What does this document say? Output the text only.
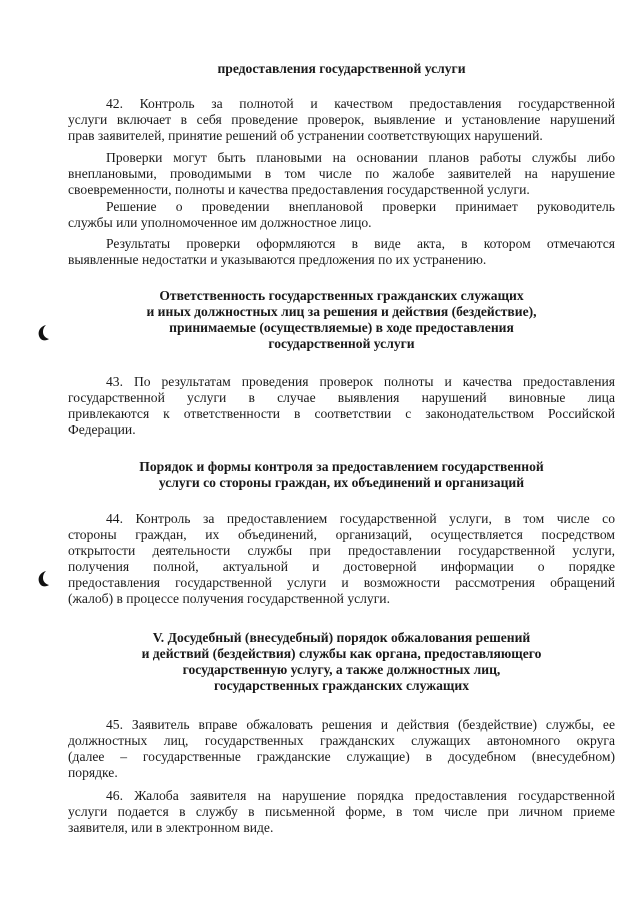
предоставления государственной услуги
42. Контроль за полнотой и качеством предоставления государственной
услуги включает в себя проведение проверок, выявление и установление нарушений
прав заявителей, принятие решений об устранении соответствующих нарушений.
Проверки могут быть плановыми на основании планов работы службы либо
внеплановыми, проводимыми в том числе по жалобе заявителей на нарушение
своевременности, полноты и качества предоставления государственной услуги.
Решение о проведении внеплановой проверки принимает руководитель
службы или уполномоченное им должностное лицо.
Результаты проверки оформляются в виде акта, в котором отмечаются
выявленные недостатки и указываются предложения по их устранению.
Ответственность государственных гражданских служащих
и иных должностных лиц за решения и действия (бездействие),
принимаемые (осуществляемые) в ходе предоставления
государственной услуги
43. По результатам проведения проверок полноты и качества предоставления
государственной услуги в случае выявления нарушений виновные лица
привлекаются к ответственности в соответствии с законодательством Российской
Федерации.
Порядок и формы контроля за предоставлением государственной
услуги со стороны граждан, их объединений и организаций
44. Контроль за предоставлением государственной услуги, в том числе со
стороны граждан, их объединений, организаций, осуществляется посредством
открытости деятельности службы при предоставлении государственной услуги,
получения полной, актуальной и достоверной информации о порядке
предоставления государственной услуги и возможности рассмотрения обращений
(жалоб) в процессе получения государственной услуги.
V. Досудебный (внесудебный) порядок обжалования решений
и действий (бездействия) службы как органа, предоставляющего
государственную услугу, а также должностных лиц,
государственных гражданских служащих
45. Заявитель вправе обжаловать решения и действия (бездействие) службы, ее
должностных лиц, государственных гражданских служащих автономного округа
(далее – государственные гражданские служащие) в досудебном (внесудебном)
порядке.
46. Жалоба заявителя на нарушение порядка предоставления государственной
услуги подается в службу в письменной форме, в том числе при личном приеме
заявителя, или в электронном виде.
